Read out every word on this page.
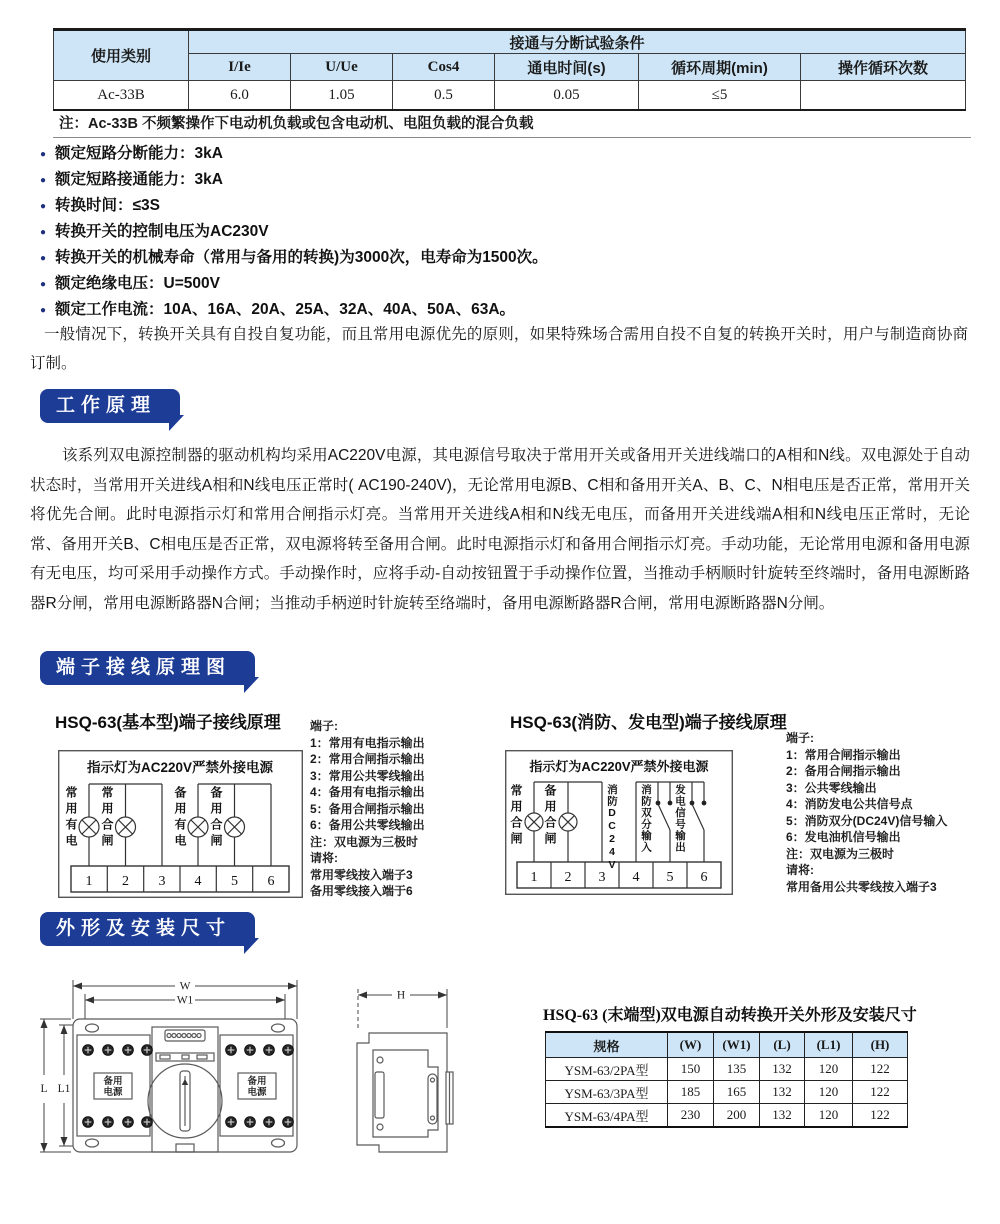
使用类别	接通与分断试验条件					
	I/Ie	U/Ue	Cos4	通电时间(s)	循环周期(min)	操作循环次数
Ac-33B	6.0	1.05	0.5	0.05	≤5	
注：Ac-33B 不频繁操作下电动机负载或包含电动机、电阻负载的混合负载
● 额定短路分断能力：3kA
● 额定短路接通能力：3kA
● 转换时间：≤3S
● 转换开关的控制电压为AC230V
● 转换开关的机械寿命（常用与备用的转换)为3000次，电寿命为1500次。
● 额定绝缘电压：U=500V
● 额定工作电流：10A、16A、20A、25A、32A、40A、50A、63A。

一般情况下，转换开关具有自投自复功能，而且常用电源优先的原则，如果特殊场合需用自投不自复的转换开关时，用户与制造商协商订制。

工作原理

该系列双电源控制器的驱动机构均采用AC220V电源，其电源信号取决于常用开关或备用开关进线端口的A相和N线。双电源处于自动状态时，当常用开关进线A相和N线电压正常时( AC190-240V)，无论常用电源B、C相和备用开关A、B、C、N相电压是否正常，常用开关将优先合闸。此时电源指示灯和常用合闸指示灯亮。当常用开关进线A相和N线无电压，而备用开关进线端A相和N线电压正常时，无论常、备用开关B、C相电压是否正常，双电源将转至备用合闸。此时电源指示灯和备用合闸指示灯亮。手动功能，无论常用电源和备用电源有无电压，均可采用手动操作方式。手动操作时，应将手动-自动按钮置于手动操作位置，当推动手柄顺时针旋转至终端时，备用电源断路器R分闸，常用电源断路器N合闸；当推动手柄逆时针旋转至络端时，备用电源断路器R合闸，常用电源断路器N分闸。

端子接线原理图
HSQ-63(基本型)端子接线原理
指示灯为AC220V严禁外接电源
1 2 3 4 5 6
常用有电 常用合闸	备用有电 备用合闸
端子:
1：常用有电指示输出
2：常用合闸指示输出
3：常用公共零线输出
4：备用有电指示输出
5：备用合闸指示输出
6：备用公共零线输出
注：双电源为三极时
请将:
常用零线按入端子3
备用零线接入端于6
HSQ-63(消防、发电型)端子接线原理
指示灯为AC220V严禁外接电源
1 2 3 4 5 6
常用合闸 备用合闸	消防DC24V 消防双分输入 发电信号输出
端子:
1：常用合闸指示输出
2：备用合闸指示输出
3：公共零线输出
4：消防发电公共信号点
5：消防双分(DC24V)信号输入
6：发电油机信号输出
注：双电源为三极时
请将:
常用备用公共零线按入端子3
外形及安装尺寸
W
W1
L L1
备用
电源
备用
电源
H
HSQ-63 (末端型)双电源自动转换开关外形及安装尺寸
规格	(W)	(W1)	(L)	(L1)	(H)
YSM-63/2PA型	150	135	132	120	122
YSM-63/3PA型	185	165	132	120	122
YSM-63/4PA型	230	200	132	120	122
